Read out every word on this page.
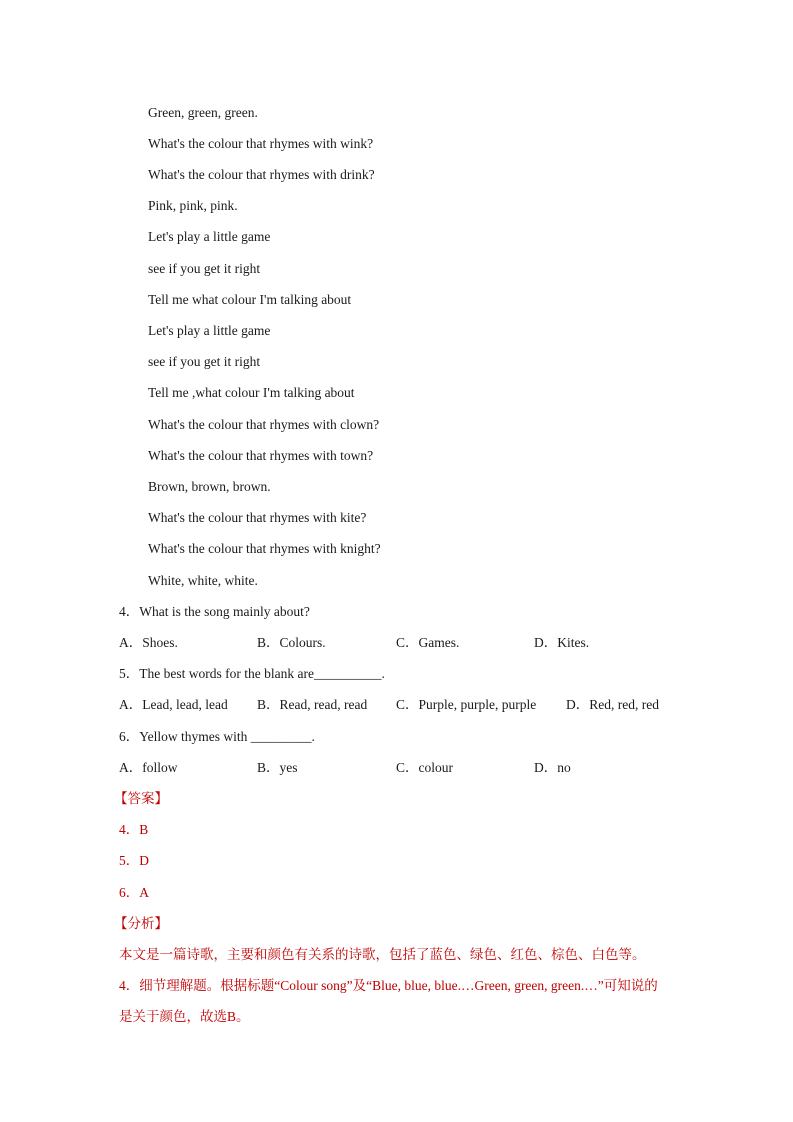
Green, green, green.
What's the colour that rhymes with wink?
What's the colour that rhymes with drink?
Pink, pink, pink.
Let's play a little game
see if you get it right
Tell me what colour I'm talking about
Let's play a little game
see if you get it right
Tell me ,what colour I'm talking about
What's the colour that rhymes with clown?
What's the colour that rhymes with town?
Brown, brown, brown.
What's the colour that rhymes with kite?
What's the colour that rhymes with knight?
White, white, white.
4．What is the song mainly about?
A．Shoes.	B．Colours.	C．Games.	D．Kites.
5．The best words for the blank are__________.
A．Lead, lead, lead B．Read, read, read C．Purple, purple, purple D．Red, red, red
6．Yellow thymes with _________.
A．follow	B．yes	C．colour	D．no
【答案】
4．B
5．D
6．A
【分析】
本文是一篇诗歌，主要和颜色有关系的诗歌，包括了蓝色、绿色、红色、棕色、白色等。
4．细节理解题。根据标题“Colour song”及“Blue, blue, blue.…Green, green, green.…”可知说的
是关于颜色，故选B。
